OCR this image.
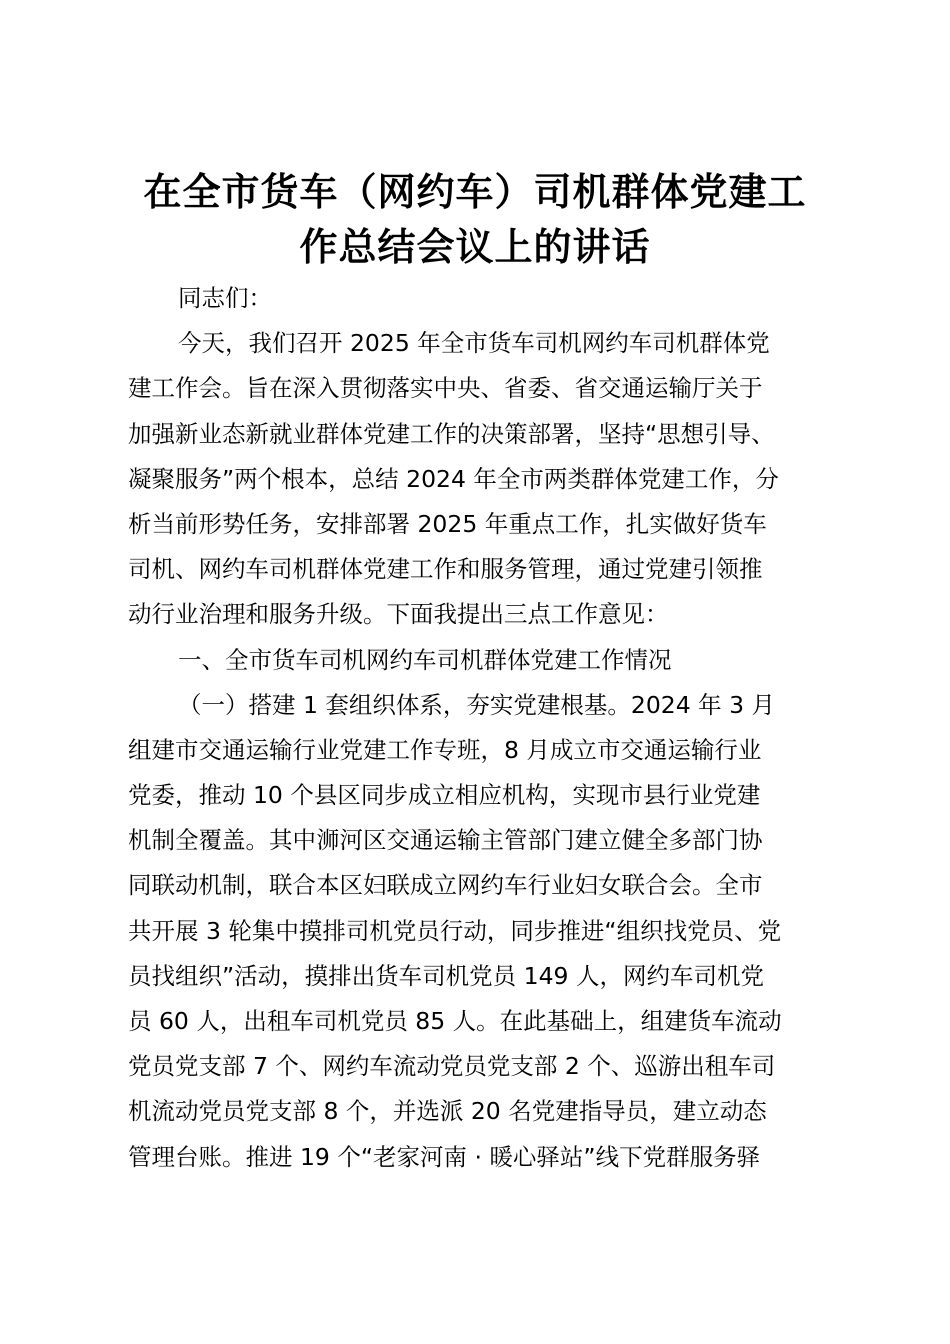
在全市货车（网约车）司机群体党建工
作总结会议上的讲话
同志们：
今天，我们召开 2025 年全市货车司机网约车司机群体党
建工作会。旨在深入贯彻落实中央、省委、省交通运输厅关于
加强新业态新就业群体党建工作的决策部署，坚持“思想引导、
凝聚服务”两个根本，总结 2024 年全市两类群体党建工作，分
析当前形势任务，安排部署 2025 年重点工作，扎实做好货车
司机、网约车司机群体党建工作和服务管理，通过党建引领推
动行业治理和服务升级。下面我提出三点工作意见：
一、全市货车司机网约车司机群体党建工作情况
（一）搭建 1 套组织体系，夯实党建根基。2024 年 3 月
组建市交通运输行业党建工作专班，8 月成立市交通运输行业
党委，推动 10 个县区同步成立相应机构，实现市县行业党建
机制全覆盖。其中浉河区交通运输主管部门建立健全多部门协
同联动机制，联合本区妇联成立网约车行业妇女联合会。全市
共开展 3 轮集中摸排司机党员行动，同步推进“组织找党员、党
员找组织”活动，摸排出货车司机党员 149 人，网约车司机党
员 60 人，出租车司机党员 85 人。在此基础上，组建货车流动
党员党支部 7 个、网约车流动党员党支部 2 个、巡游出租车司
机流动党员党支部 8 个，并选派 20 名党建指导员，建立动态
管理台账。推进 19 个“老家河南 · 暖心驿站”线下党群服务驿
